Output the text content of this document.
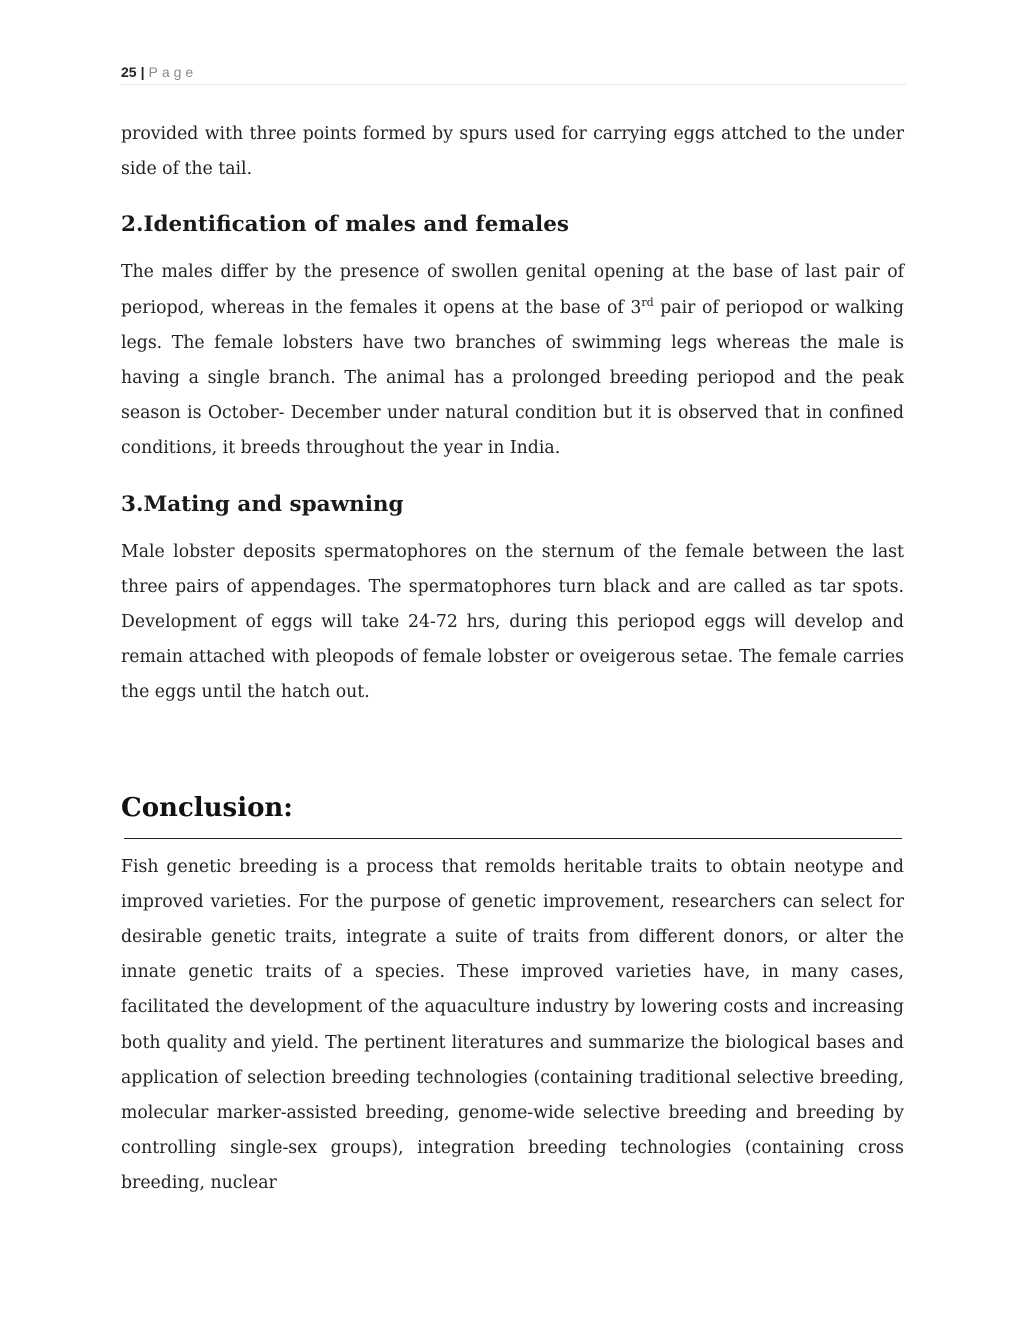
25 | Page

provided with three points formed by spurs used for carrying eggs attched to the under side of the tail.

2.Identification of males and females

The males differ by the presence of swollen genital opening at the base of last pair of periopod, whereas in the females it opens at the base of 3rd pair of periopod or walking legs. The female lobsters have two branches of swimming legs whereas the male is having a single branch. The animal has a prolonged breeding periopod and the peak season is October- December under natural condition but it is observed that in confined conditions, it breeds throughout the year in India.

3.Mating and spawning

Male lobster deposits spermatophores on the sternum of the female between the last three pairs of appendages. The spermatophores turn black and are called as tar spots. Development of eggs will take 24-72 hrs, during this periopod eggs will develop and remain attached with pleopods of female lobster or oveigerous setae. The female carries the eggs until the hatch out.

Conclusion:

Fish genetic breeding is a process that remolds heritable traits to obtain neotype and improved varieties. For the purpose of genetic improvement, researchers can select for desirable genetic traits, integrate a suite of traits from different donors, or alter the innate genetic traits of a species. These improved varieties have, in many cases, facilitated the development of the aquaculture industry by lowering costs and increasing both quality and yield. The pertinent literatures and summarize the biological bases and application of selection breeding technologies (containing traditional selective breeding, molecular marker-assisted breeding, genome-wide selective breeding and breeding by controlling single-sex groups), integration breeding technologies (containing cross breeding, nuclear
